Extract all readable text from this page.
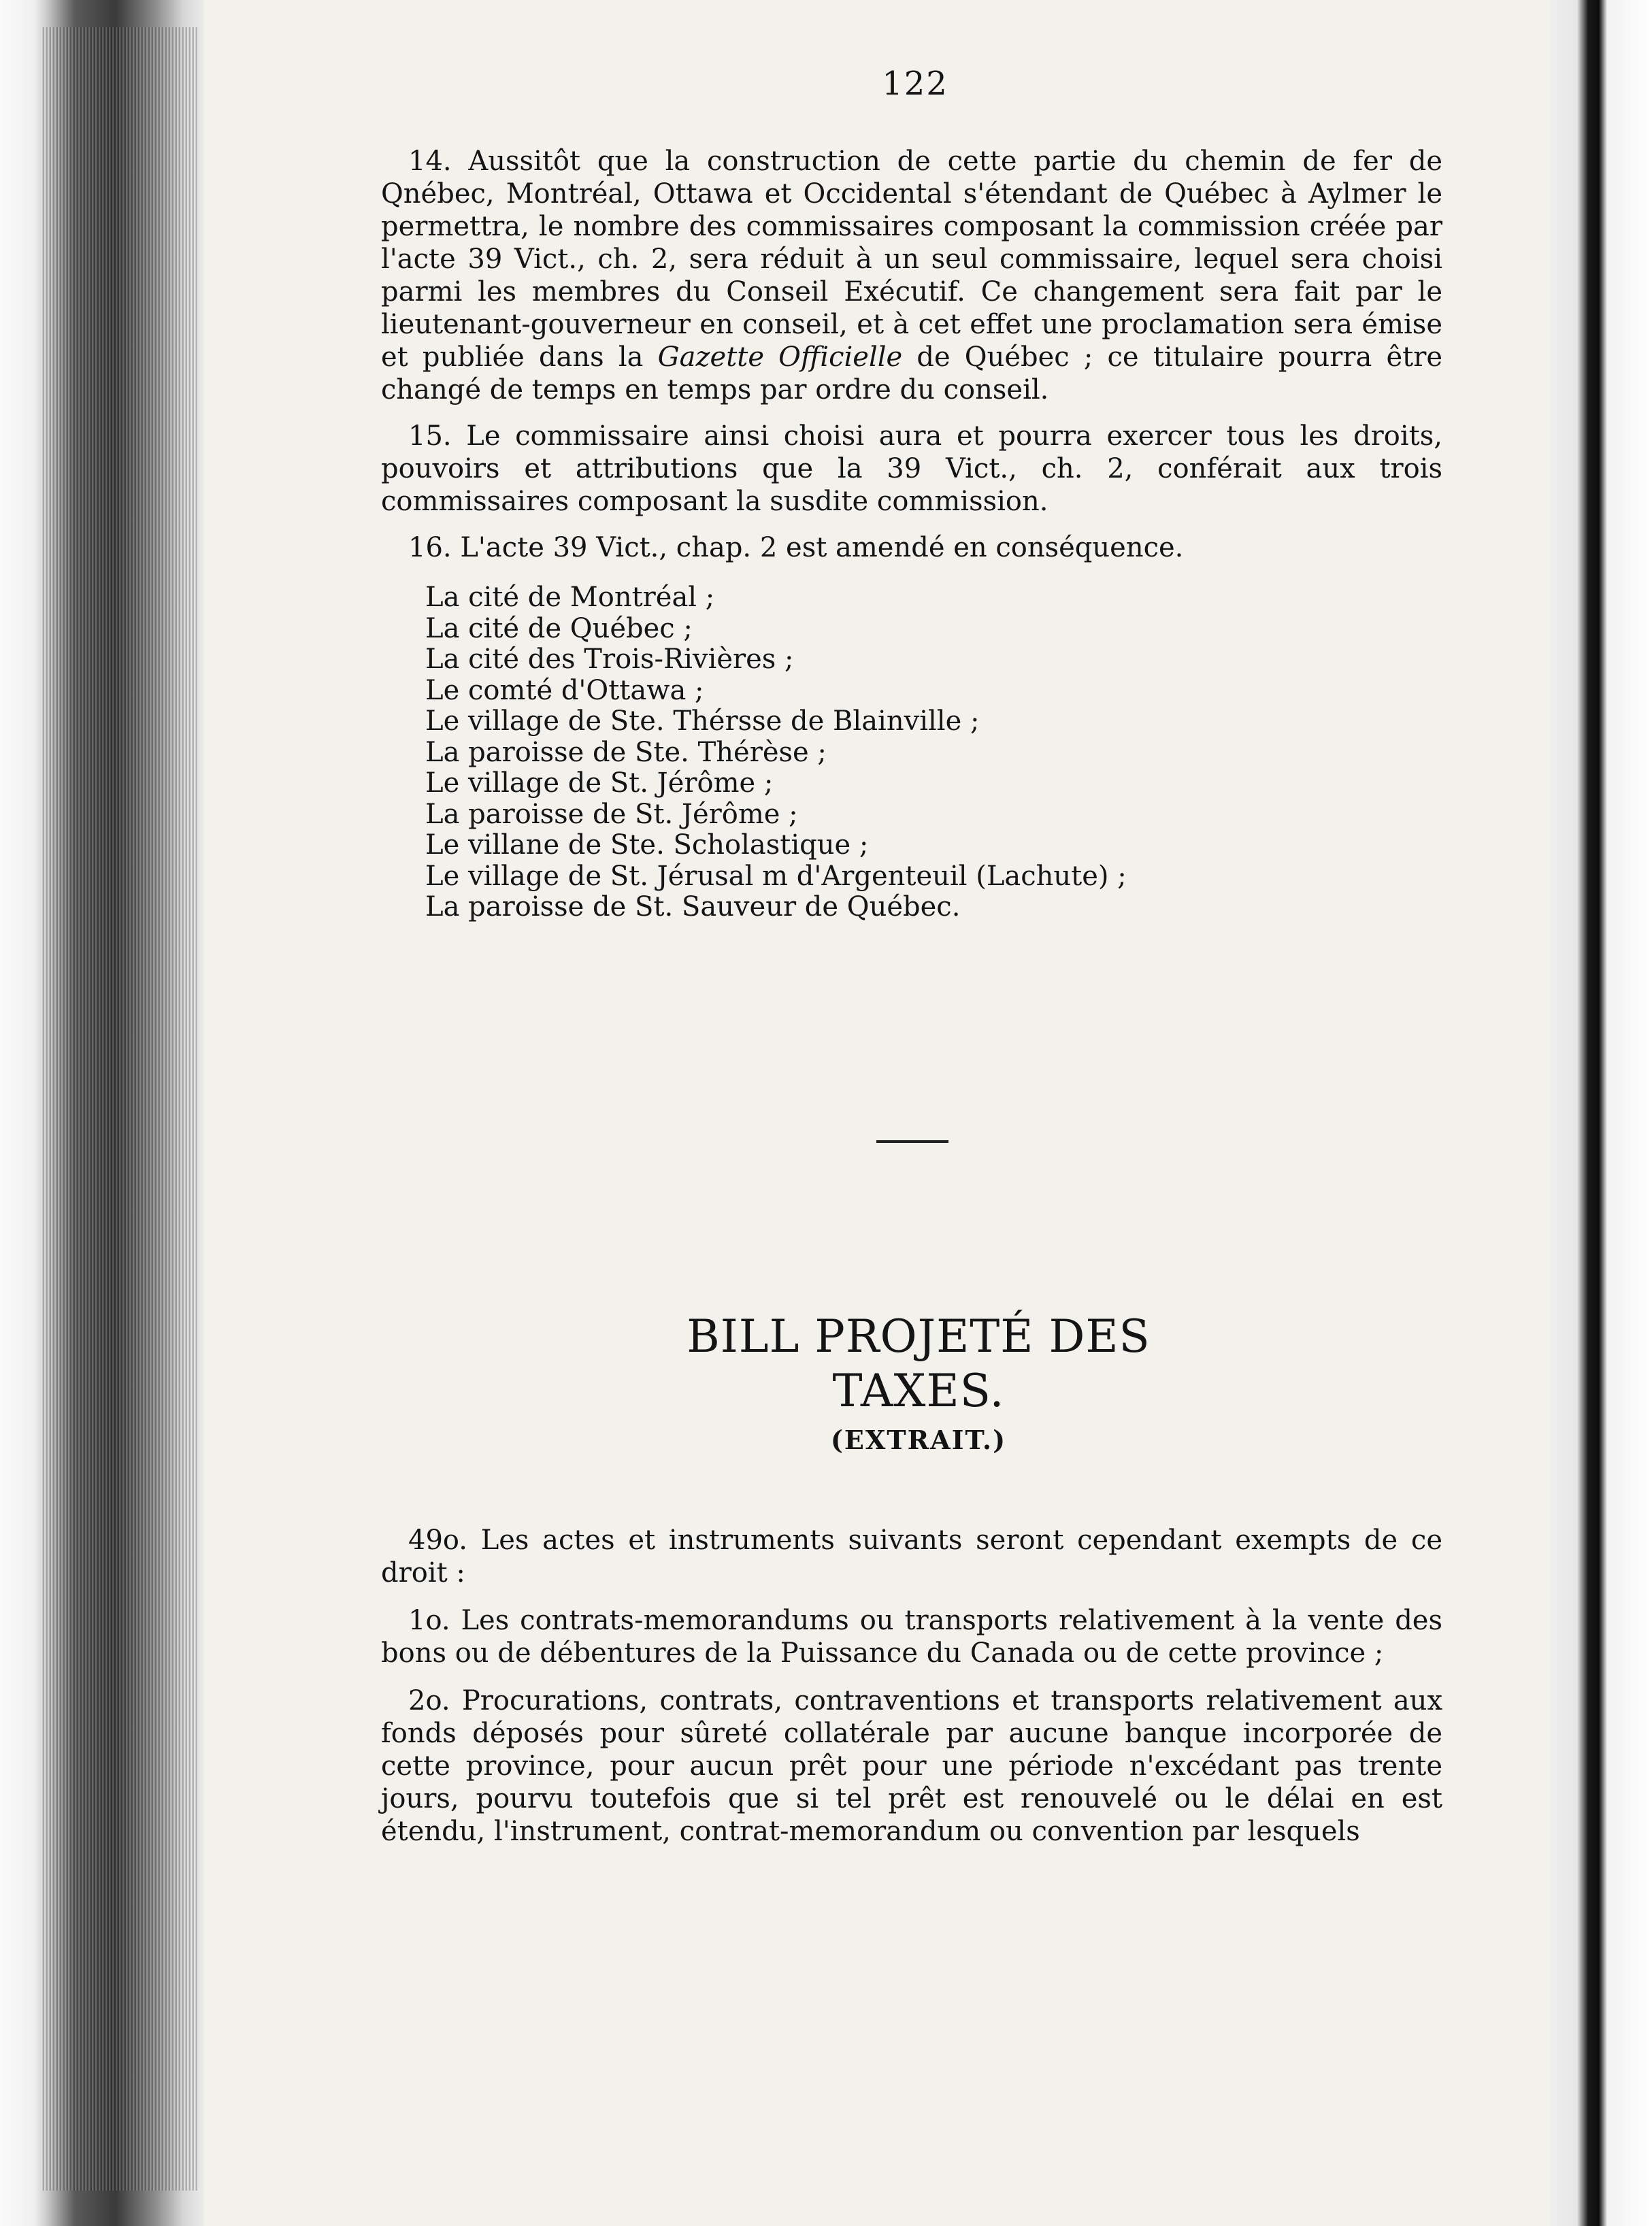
122

14. Aussitôt que la construction de cette partie du chemin de fer de Qnébec, Montréal, Ottawa et Occidental s'étendant de Québec à Aylmer le permettra, le nombre des commissaires composant la commission créée par l'acte 39 Vict., ch. 2, sera réduit à un seul commissaire, lequel sera choisi parmi les membres du Conseil Exécutif. Ce changement sera fait par le lieutenant-gouverneur en conseil, et à cet effet une proclamation sera émise et publiée dans la Gazette Officielle de Québec ; ce titulaire pourra être changé de temps en temps par ordre du conseil.

15. Le commissaire ainsi choisi aura et pourra exercer tous les droits, pouvoirs et attributions que la 39 Vict., ch. 2, conférait aux trois commissaires composant la susdite commission.

16. L'acte 39 Vict., chap. 2 est amendé en conséquence.

La cité de Montréal ;
La cité de Québec ;
La cité des Trois-Rivières ;
Le comté d'Ottawa ;
Le village de Ste. Thérsse de Blainville ;
La paroisse de Ste. Thérèse ;
Le village de St. Jérôme ;
La paroisse de St. Jérôme ;
Le villane de Ste. Scholastique ;
Le village de St. Jérusal m d'Argenteuil (Lachute) ;
La paroisse de St. Sauveur de Québec.
BILL PROJETÉ DES TAXES.
(EXTRAIT.)

49o. Les actes et instruments suivants seront cependant exempts de ce droit :

1o. Les contrats-memorandums ou transports relativement à la vente des bons ou de débentures de la Puissance du Canada ou de cette province ;

2o. Procurations, contrats, contraventions et transports relativement aux fonds déposés pour sûreté collatérale par aucune banque incorporée de cette province, pour aucun prêt pour une période n'excédant pas trente jours, pourvu toutefois que si tel prêt est renouvelé ou le délai en est étendu, l'instrument, contrat-memorandum ou convention par lesquels
